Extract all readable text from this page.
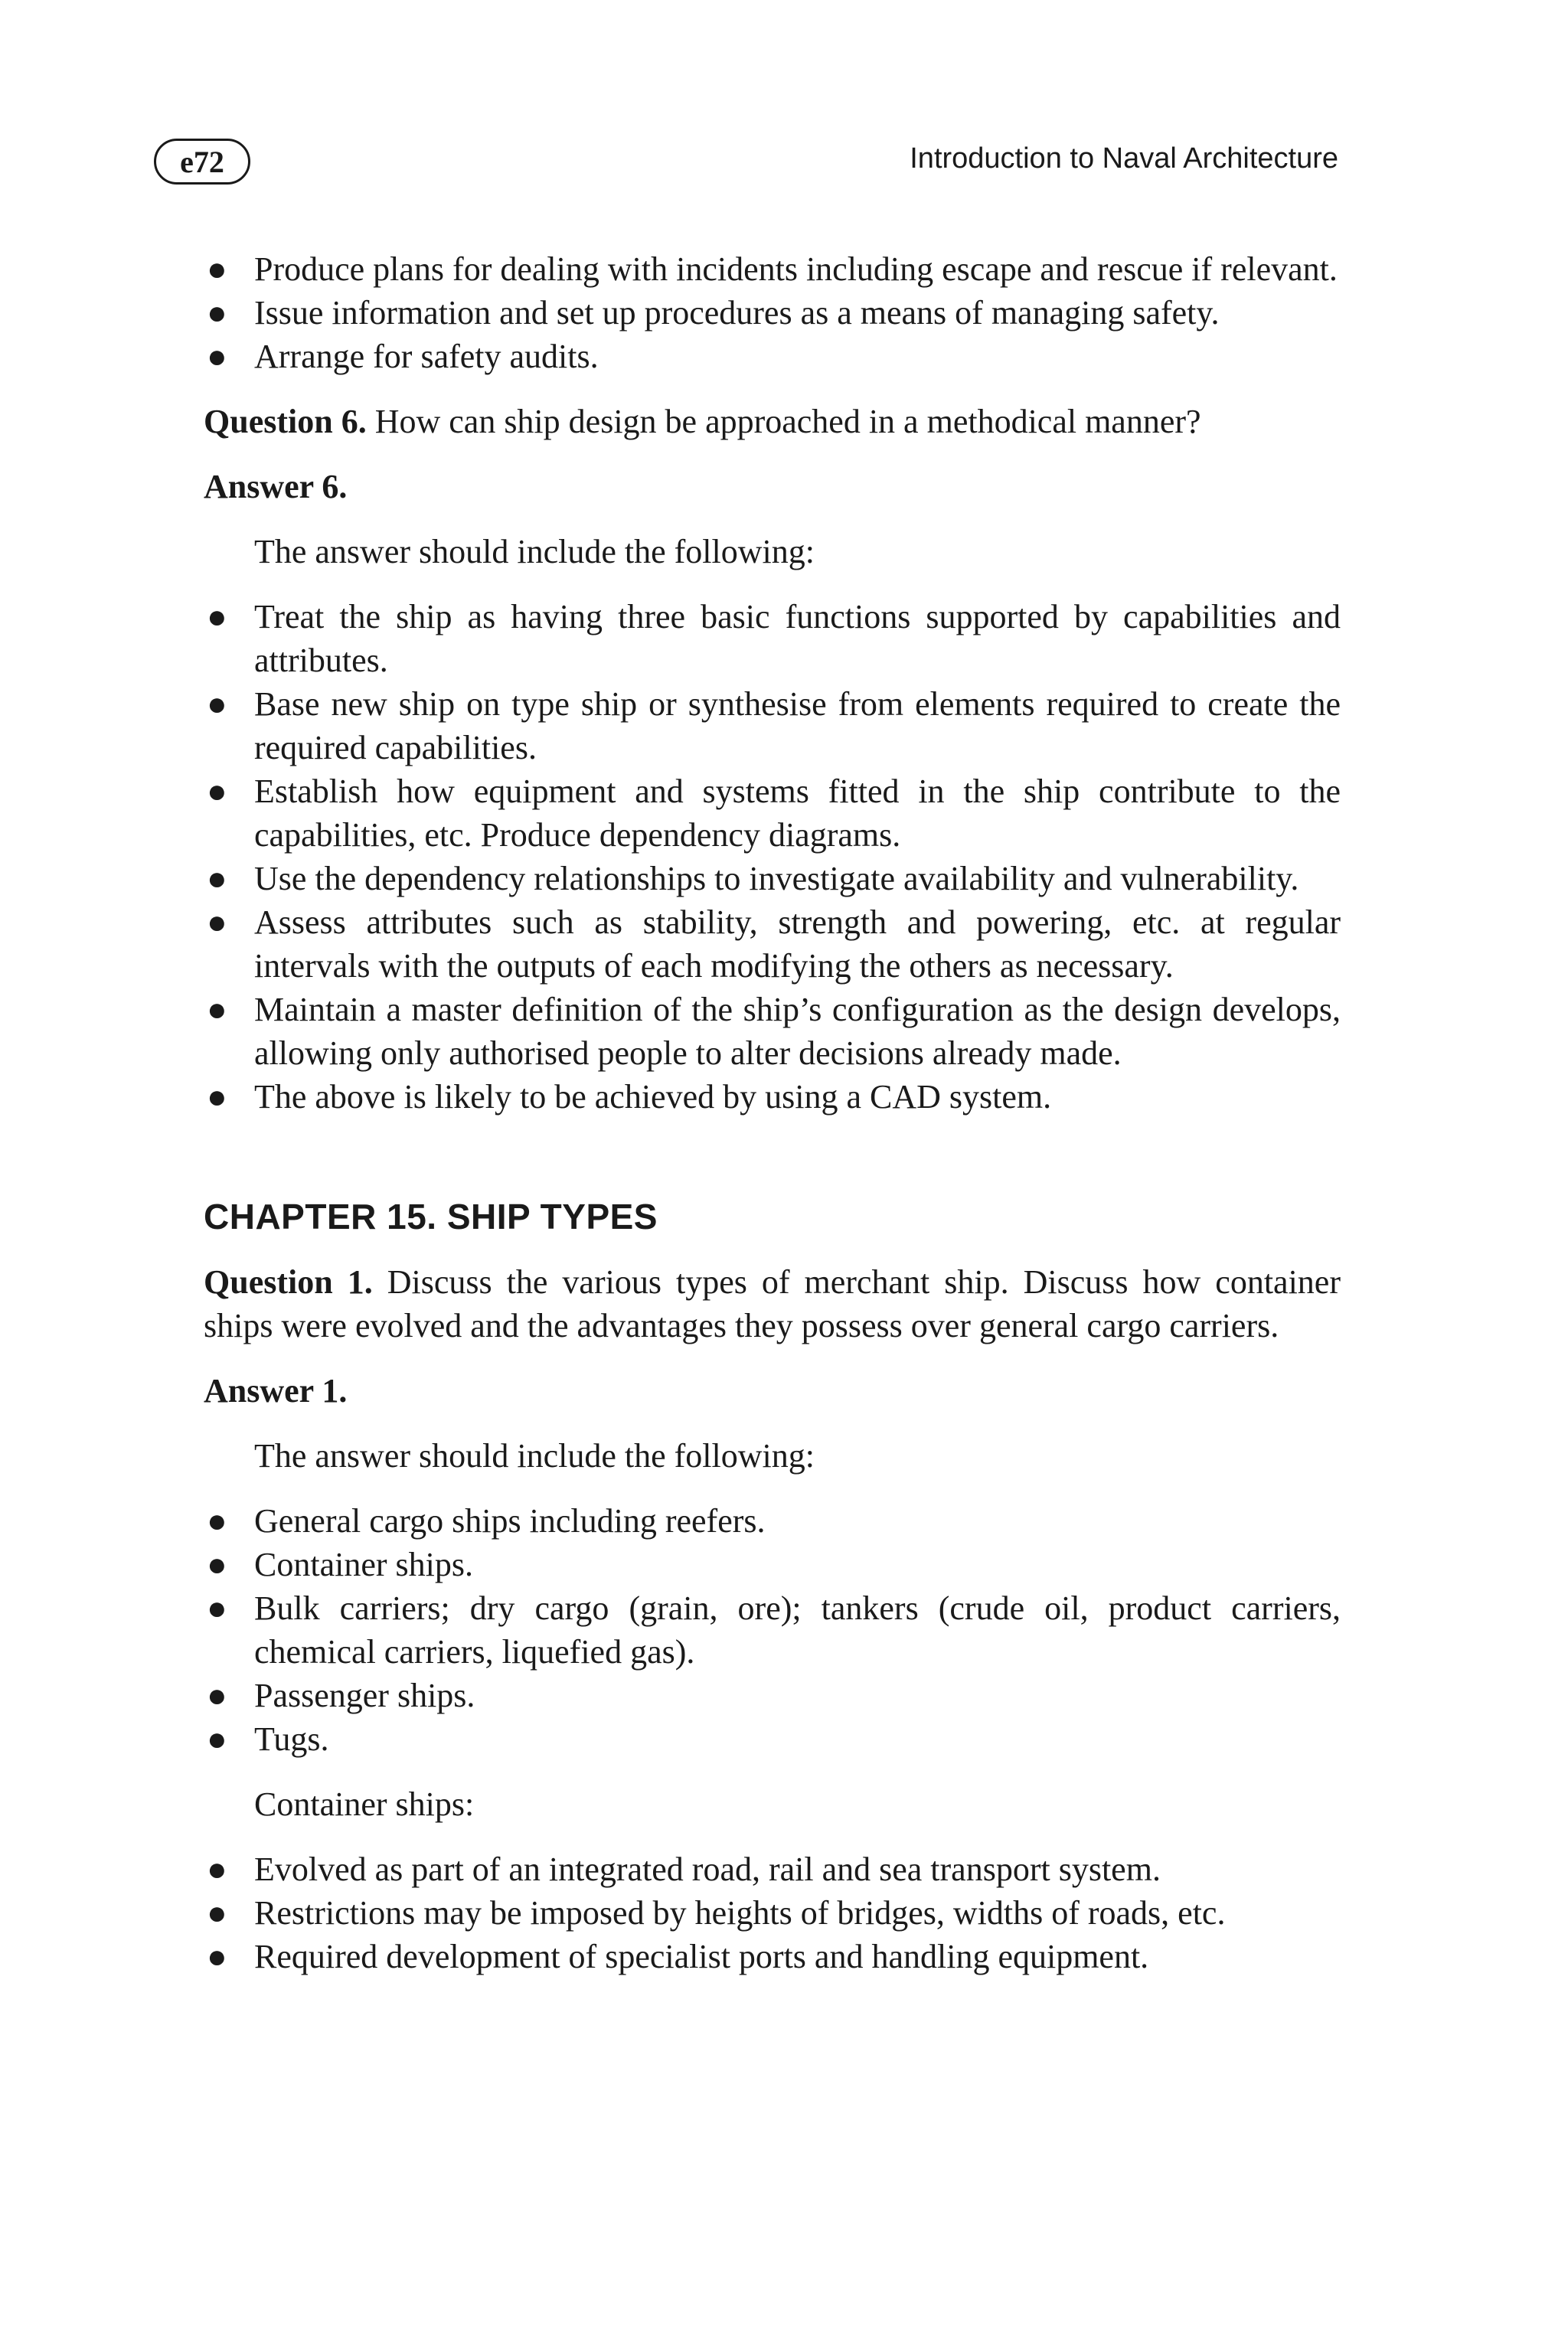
e72	Introduction to Naval Architecture
● Produce plans for dealing with incidents including escape and rescue if relevant.
● Issue information and set up procedures as a means of managing safety.
● Arrange for safety audits.

Question 6. How can ship design be approached in a methodical manner?

Answer 6.

The answer should include the following:

● Treat the ship as having three basic functions supported by capabilities and attributes.
● Base new ship on type ship or synthesise from elements required to create the required capabilities.
● Establish how equipment and systems fitted in the ship contribute to the capabilities, etc. Produce dependency diagrams.
● Use the dependency relationships to investigate availability and vulnerability.
● Assess attributes such as stability, strength and powering, etc. at regular intervals with the outputs of each modifying the others as necessary.
● Maintain a master definition of the ship’s configuration as the design develops, allowing only authorised people to alter decisions already made.
● The above is likely to be achieved by using a CAD system.
CHAPTER 15. SHIP TYPES

Question 1. Discuss the various types of merchant ship. Discuss how container ships were evolved and the advantages they possess over general cargo carriers.

Answer 1.

The answer should include the following:

● General cargo ships including reefers.
● Container ships.
● Bulk carriers; dry cargo (grain, ore); tankers (crude oil, product carriers, chemical carriers, liquefied gas).
● Passenger ships.
● Tugs.

Container ships:

● Evolved as part of an integrated road, rail and sea transport system.
● Restrictions may be imposed by heights of bridges, widths of roads, etc.
● Required development of specialist ports and handling equipment.
